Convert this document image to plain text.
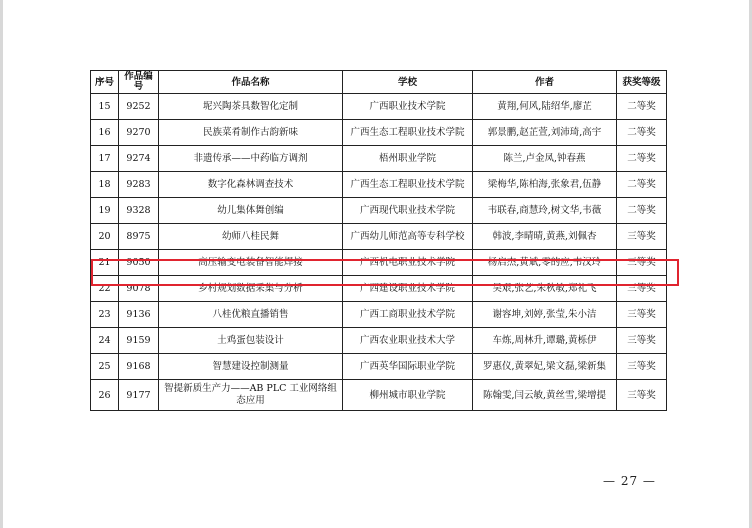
序号	作品编号	作品名称	学校	作者	获奖等级
15	9252	坭兴陶茶具数智化定制	广西职业技术学院	黄翔,何风,陆绍华,廖芷	二等奖
16	9270	民族菜肴制作古韵新味	广西生态工程职业技术学院	郭景鹏,赵芷萱,刘沛琦,高宇	二等奖
17	9274	非遗传承——中药临方调剂	梧州职业学院	陈兰,卢金凤,钟春燕	二等奖
18	9283	数字化森林调查技术	广西生态工程职业技术学院	梁梅华,陈柏海,张象君,伍静	二等奖
19	9328	幼儿集体舞创编	广西现代职业技术学院	韦联春,商慧玲,树文华,韦薇	二等奖
20	8975	幼师八桂民舞	广西幼儿师范高等专科学校	韩波,李晴晴,黄燕,刘佩杏	三等奖
21	9050	高压输变电装备智能焊接	广西机电职业技术学院	杨启杰,黄斌,零的应,韦汉玲	三等奖
22	9078	乡村规划数据采集与分析	广西建设职业技术学院	吴艰,张艺,朱秋敏,郑礼飞	三等奖
23	9136	八桂优粮直播销售	广西工商职业技术学院	谢容坤,刘婷,张莹,朱小洁	三等奖
24	9159	土鸡蛋包装设计	广西农业职业技术大学	车炼,周林升,谭璐,黄栎伊	三等奖
25	9168	智慧建设控制测量	广西英华国际职业学院	罗惠仪,黄翠妃,梁文磊,梁新集	三等奖
26	9177	智提新质生产力——AB PLC 工业网络组态应用	柳州城市职业学院	陈翰雯,闫云敏,黄丝雪,梁增提	三等奖
— 27 —
